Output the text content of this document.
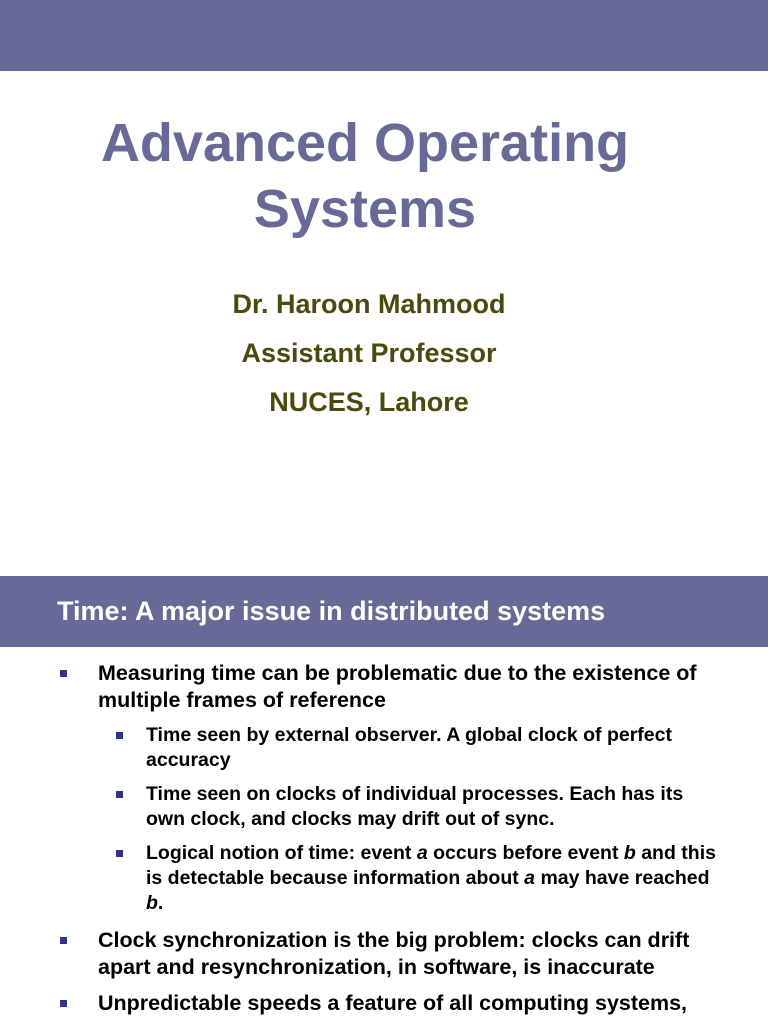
Advanced Operating
Systems
Dr. Haroon Mahmood
Assistant Professor
NUCES, Lahore
Time: A major issue in distributed systems
Measuring time can be problematic due to the existence of multiple frames of reference
Time seen by external observer. A global clock of perfect accuracy
Time seen on clocks of individual processes. Each has its own clock, and clocks may drift out of sync.
Logical notion of time: event a occurs before event b and this is detectable because information about a may have reached b.
Clock synchronization is the big problem: clocks can drift apart and resynchronization, in software, is inaccurate
Unpredictable speeds a feature of all computing systems,
